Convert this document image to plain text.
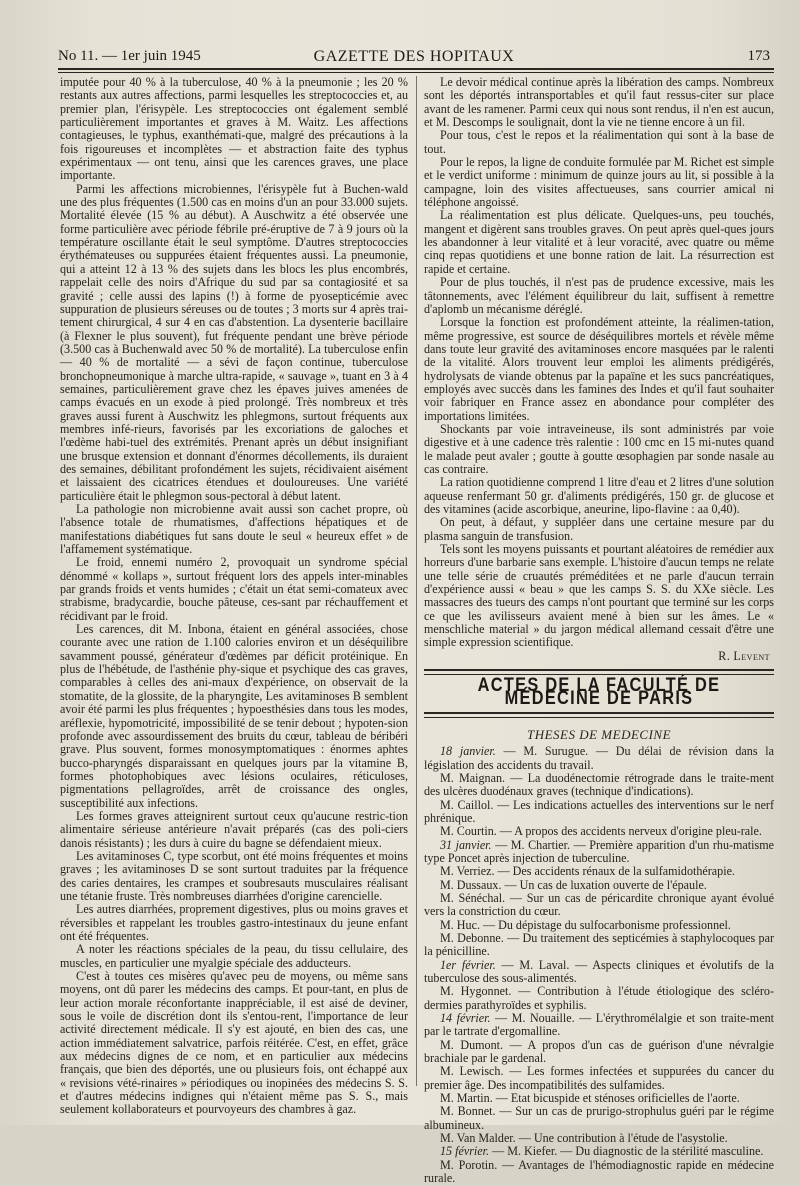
No 11. — 1er juin 1945	GAZETTE DES HOPITAUX	173

imputée pour 40 % à la tuberculose, 40 % à la pneumonie ; les 20 % restants aux autres affections, parmi lesquelles les streptococcies et, au premier plan, l'érisypèle. Les streptococcies ont également semblé particulièrement importantes et graves à M. Waitz. Les affections contagieuses, le typhus, exanthémati-que, malgré des précautions à la fois rigoureuses et incomplètes — et abstraction faite des typhus expérimentaux — ont tenu, ainsi que les carences graves, une place importante.

Parmi les affections microbiennes, l'érisypèle fut à Buchen-wald une des plus fréquentes (1.500 cas en moins d'un an pour 33.000 sujets. Mortalité élevée (15 % au début). A Auschwitz a été observée une forme particulière avec période fébrile pré-éruptive de 7 à 9 jours où la température oscillante était le seul symptôme. D'autres streptococcies érythémateuses ou suppurées étaient fréquentes aussi. La pneumonie, qui a atteint 12 à 13 % des sujets dans les blocs les plus encombrés, rappelait celle des noirs d'Afrique du sud par sa contagiosité et sa gravité ; celle aussi des lapins (!) à forme de pyosepticémie avec suppuration de plusieurs séreuses ou de toutes ; 3 morts sur 4 après trai-tement chirurgical, 4 sur 4 en cas d'abstention. La dysenterie bacillaire (à Flexner le plus souvent), fut fréquente pendant une brève période (3.500 cas à Buchenwald avec 50 % de mortalité). La tuberculose enfin — 40 % de mortalité — a sévi de façon continue, tuberculose bronchopneumonique à marche ultra-rapide, « sauvage », tuant en 3 à 4 semaines, particulièrement grave chez les épaves juives amenées de camps évacués en un exode à pied prolongé. Très nombreux et très graves aussi furent à Auschwitz les phlegmons, surtout fréquents aux membres infé-rieurs, favorisés par les excoriations de galoches et l'œdème habi-tuel des extrémités. Prenant après un début insignifiant une brusque extension et donnant d'énormes décollements, ils duraient des semaines, débilitant profondément les sujets, récidivaient aisément et laissaient des cicatrices étendues et douloureuses. Une variété particulière était le phlegmon sous-pectoral à début latent.

La pathologie non microbienne avait aussi son cachet propre, où l'absence totale de rhumatismes, d'affections hépatiques et de manifestations diabétiques fut sans doute le seul « heureux effet » de l'affamement systématique.

Le froid, ennemi numéro 2, provoquait un syndrome spécial dénommé « kollaps », surtout fréquent lors des appels inter-minables par grands froids et vents humides ; c'était un état semi-comateux avec strabisme, bradycardie, bouche pâteuse, ces-sant par réchauffement et récidivant par le froid.

Les carences, dit M. Inbona, étaient en général associées, chose courante avec une ration de 1.100 calories environ et un déséquilibre savamment poussé, générateur d'œdèmes par déficit protéinique. En plus de l'hébétude, de l'asthénie phy-sique et psychique des cas graves, comparables à celles des ani-maux d'expérience, on observait de la stomatite, de la glossite, de la pharyngite, Les avitaminoses B semblent avoir été parmi les plus fréquentes ; hypoesthésies dans tous les modes, aréflexie, hypomotricité, impossibilité de se tenir debout ; hypoten-sion profonde avec assourdissement des bruits du cœur, tableau de béribéri grave. Plus souvent, formes monosymptomatiques : énormes aphtes bucco-pharyngés disparaissant en quelques jours par la vitamine B, formes photophobiques avec lésions oculaires, réticuloses, pigmentations pellagroïdes, arrêt de croissance des ongles, susceptibilité aux infections.

Les formes graves atteignirent surtout ceux qu'aucune restric-tion alimentaire sérieuse antérieure n'avait préparés (cas des poli-ciers danois résistants) ; les durs à cuire du bagne se défendaient mieux.

Les avitaminoses C, type scorbut, ont été moins fréquentes et moins graves ; les avitaminoses D se sont surtout traduites par la fréquence des caries dentaires, les crampes et soubresauts musculaires réalisant une tétanie fruste. Très nombreuses diarrhées d'origine carencielle.

Les autres diarrhées, proprement digestives, plus ou moins graves et réversibles et rappelant les troubles gastro-intestinaux du jeune enfant ont été fréquentes.

A noter les réactions spéciales de la peau, du tissu cellulaire, des muscles, en particulier une myalgie spéciale des adducteurs.

C'est à toutes ces misères qu'avec peu de moyens, ou même sans moyens, ont dû parer les médecins des camps. Et pour-tant, en plus de leur action morale réconfortante inappréciable, il est aisé de deviner, sous le voile de discrétion dont ils s'entou-rent, l'importance de leur activité directement médicale. Il s'y est ajouté, en bien des cas, une action immédiatement salvatrice, parfois réitérée. C'est, en effet, grâce aux médecins dignes de ce nom, et en particulier aux médecins français, que bien des déportés, une ou plusieurs fois, ont échappé aux « revisions vété-rinaires » périodiques ou inopinées des médecins S. S. et d'autres médecins indignes qui n'étaient même pas S. S., mais seulement kollaborateurs et pourvoyeurs des chambres à gaz.

Le devoir médical continue après la libération des camps. Nombreux sont les déportés intransportables et qu'il faut ressus-citer sur place avant de les ramener. Parmi ceux qui nous sont rendus, il n'en est aucun, et M. Descomps le soulignait, dont la vie ne tienne encore à un fil.

Pour tous, c'est le repos et la réalimentation qui sont à la base de tout.

Pour le repos, la ligne de conduite formulée par M. Richet est simple et le verdict uniforme : minimum de quinze jours au lit, si possible à la campagne, loin des visites affectueuses, sans courrier amical ni téléphone angoissé.

La réalimentation est plus délicate. Quelques-uns, peu touchés, mangent et digèrent sans troubles graves. On peut après quel-ques jours les abandonner à leur vitalité et à leur voracité, avec quatre ou même cinq repas quotidiens et une bonne ration de lait. La résurrection est rapide et certaine.

Pour de plus touchés, il n'est pas de prudence excessive, mais les tâtonnements, avec l'élément équilibreur du lait, suffisent à remettre d'aplomb un mécanisme déréglé.

Lorsque la fonction est profondément atteinte, la réalimen-tation, même progressive, est source de déséquilibres mortels et révèle même dans toute leur gravité des avitaminoses encore masquées par le ralenti de la vitalité. Alors trouvent leur emploi les aliments prédigérés, hydrolysats de viande obtenus par la papaïne et les sucs pancréatiques, employés avec succès dans les famines des Indes et qu'il faut souhaiter voir fabriquer en France assez en abondance pour compléter des importations limitées.

Shockants par voie intraveineuse, ils sont administrés par voie digestive et à une cadence très ralentie : 100 cmc en 15 mi-nutes quand le malade peut avaler ; goutte à goutte œsophagien par sonde nasale au cas contraire.

La ration quotidienne comprend 1 litre d'eau et 2 litres d'une solution aqueuse renfermant 50 gr. d'aliments prédigérés, 150 gr. de glucose et des vitamines (acide ascorbique, aneurine, lipo-flavine : aa 0,40).

On peut, à défaut, y suppléer dans une certaine mesure par du plasma sanguin de transfusion.

Tels sont les moyens puissants et pourtant aléatoires de remédier aux horreurs d'une barbarie sans exemple. L'histoire d'aucun temps ne relate une telle série de cruautés préméditées et ne parle d'aucun terrain d'expérience aussi « beau » que les camps S. S. du XXe siècle. Les massacres des tueurs des camps n'ont pourtant que terminé sur les corps ce que les avilisseurs avaient mené à bien sur les âmes. Le « menschliche material » du jargon médical allemand cessait d'être une simple expression scientifique.

R. Levent

ACTES DE LA FACULTÉ DE MÉDECINE DE PARIS
THESES DE MEDECINE

18 janvier. — M. Surugue. — Du délai de révision dans la législation des accidents du travail.

M. Maignan. — La duodénectomie rétrograde dans le traite-ment des ulcères duodénaux graves (technique d'indications).

M. Caillol. — Les indications actuelles des interventions sur le nerf phrénique.

M. Courtin. — A propos des accidents nerveux d'origine pleu-rale.

31 janvier. — M. Chartier. — Première apparition d'un rhu-matisme type Poncet après injection de tuberculine.

M. Verriez. — Des accidents rénaux de la sulfamidothérapie.

M. Dussaux. — Un cas de luxation ouverte de l'épaule.

M. Sénéchal. — Sur un cas de péricardite chronique ayant évolué vers la constriction du cœur.

M. Huc. — Du dépistage du sulfocarbonisme professionnel.

M. Debonne. — Du traitement des septicémies à staphylocoques par la pénicilline.

1er février. — M. Laval. — Aspects cliniques et évolutifs de la tuberculose des sous-alimentés.

M. Hygonnet. — Contribution à l'étude étiologique des scléro-dermies parathyroïdes et syphilis.

14 février. — M. Nouaille. — L'érythromélalgie et son traite-ment par le tartrate d'ergomalline.

M. Dumont. — A propos d'un cas de guérison d'une névralgie brachiale par le gardenal.

M. Lewisch. — Les formes infectées et suppurées du cancer du premier âge. Des incompatibilités des sulfamides.

M. Martin. — Etat bicuspide et sténoses orificielles de l'aorte.

M. Bonnet. — Sur un cas de prurigo-strophulus guéri par le régime albumineux.

M. Van Malder. — Une contribution à l'étude de l'asystolie.

15 février. — M. Kiefer. — Du diagnostic de la stérilité masculine.

M. Porotin. — Avantages de l'hémodiagnostic rapide en médecine rurale.
